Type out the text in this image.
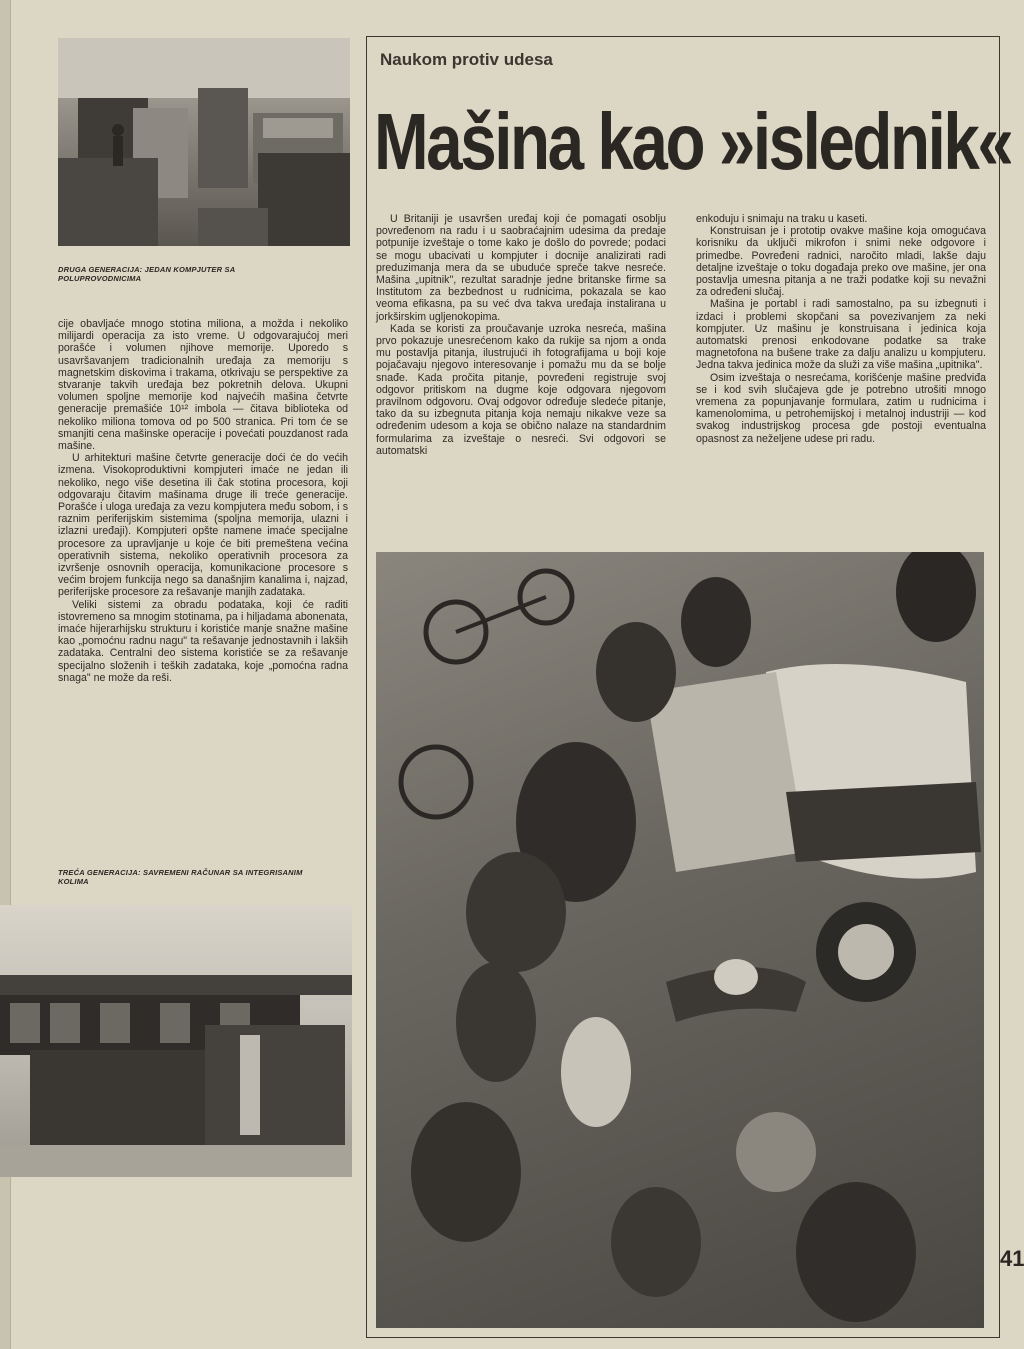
DRUGA GENERACIJA: JEDAN KOMPJUTER SA POLUPROVODNICIMA

cije obavljaće mnogo stotina miliona, a možda i nekoliko milijardi operacija za isto vreme. U odgovarajućoj meri porašće i volumen njihove memorije. Uporedo s usavršavanjem tradicionalnih uređaja za memoriju s magnetskim diskovima i trakama, otkrivaju se perspektive za stvaranje takvih uređaja bez pokretnih delova. Ukupni volumen spoljne memorije kod najvećih mašina četvrte generacije premašiće 10¹² imbola — čitava biblioteka od nekoliko miliona tomova od po 500 stranica. Pri tom će se smanjiti cena mašinske operacije i povećati pouzdanost rada mašine.

U arhitekturi mašine četvrte generacije doći će do većih izmena. Visokoproduktivni kompjuteri imaće ne jedan ili nekoliko, nego više desetina ili čak stotina procesora, koji odgovaraju čitavim mašinama druge ili treće generacije. Porašće i uloga uređaja za vezu kompjutera među sobom, i s raznim periferijskim sistemima (spoljna memorija, ulazni i izlazni uređaji). Kompjuteri opšte namene imaće specijalne procesore za upravljanje u koje će biti premeštena većina operativnih sistema, nekoliko operativnih procesora za izvršenje osnovnih operacija, komunikacione procesore s većim brojem funkcija nego sa današnjim kanalima i, najzad, periferijske procesore za rešavanje manjih zadataka.

Veliki sistemi za obradu podataka, koji će raditi istovremeno sa mnogim stotinama, pa i hiljadama abonenata, imaće hijerarhijsku strukturu i koristiće manje snažne mašine kao „pomoćnu radnu nagu" ta rešavanje jednostavnih i lakših zadataka. Centralni deo sistema koristiće se za rešavanje specijalno složenih i teških zadataka, koje „pomoćna radna snaga" ne može da reši.

TREĆA GENERACIJA: SAVREMENI RAČUNAR SA INTEGRISANIM KOLIMA
Naukom protiv udesa
Mašina kao »islednik«

U Britaniji je usavršen uređaj koji će pomagati osoblju povređenom na radu i u saobraćajnim udesima da predaje potpunije izveštaje o tome kako je došlo do povrede; podaci se mogu ubacivati u kompjuter i docnije analizirati radi preduzimanja mera da se ubuduće spreče takve nesreće. Mašina „upitnik", rezultat saradnje jedne britanske firme sa Institutom za bezbednost u rudnicima, pokazala se kao veoma efikasna, pa su već dva takva uređaja instalirana u jorkširskim ugljenokopima.

Kada se koristi za proučavanje uzroka nesreća, mašina prvo pokazuje unesrećenom kako da rukije sa njom a onda mu postavlja pitanja, ilustrujući ih fotografijama u boji koje pojačavaju njegovo interesovanje i pomažu mu da se bolje snađe. Kada pročita pitanje, povređeni registruje svoj odgovor pritiskom na dugme koje odgovara njegovom pravilnom odgovoru. Ovaj odgovor određuje sledeće pitanje, tako da su izbegnuta pitanja koja nemaju nikakve veze sa određenim udesom a koja se obično nalaze na standardnim formularima za izveštaje o nesreći. Svi odgovori se automatski

enkoduju i snimaju na traku u kaseti.

Konstruisan je i prototip ovakve mašine koja omogućava korisniku da uključi mikrofon i snimi neke odgovore i primedbe. Povređeni radnici, naročito mladi, lakše daju detaljne izveštaje o toku događaja preko ove mašine, jer ona postavlja umesna pitanja a ne traži podatke koji su nevažni za određeni slučaj.

Mašina je portabl i radi samostalno, pa su izbegnuti i izdaci i problemi skopčani sa povezivanjem za neki kompjuter. Uz mašinu je konstruisana i jedinica koja automatski prenosi enkodovane podatke sa trake magnetofona na bušene trake za dalju analizu u kompjuteru. Jedna takva jedinica može da služi za više mašina „upitnika".

Osim izveštaja o nesrećama, korišćenje mašine predviđa se i kod svih slučajeva gde je potrebno utrošiti mnogo vremena za popunjavanje formulara, zatim u rudnicima i kamenolomima, u petrohemijskoj i metalnoj industriji — kod svakog industrijskog procesa gde postoji eventualna opasnost za neželjene udese pri radu.

41
